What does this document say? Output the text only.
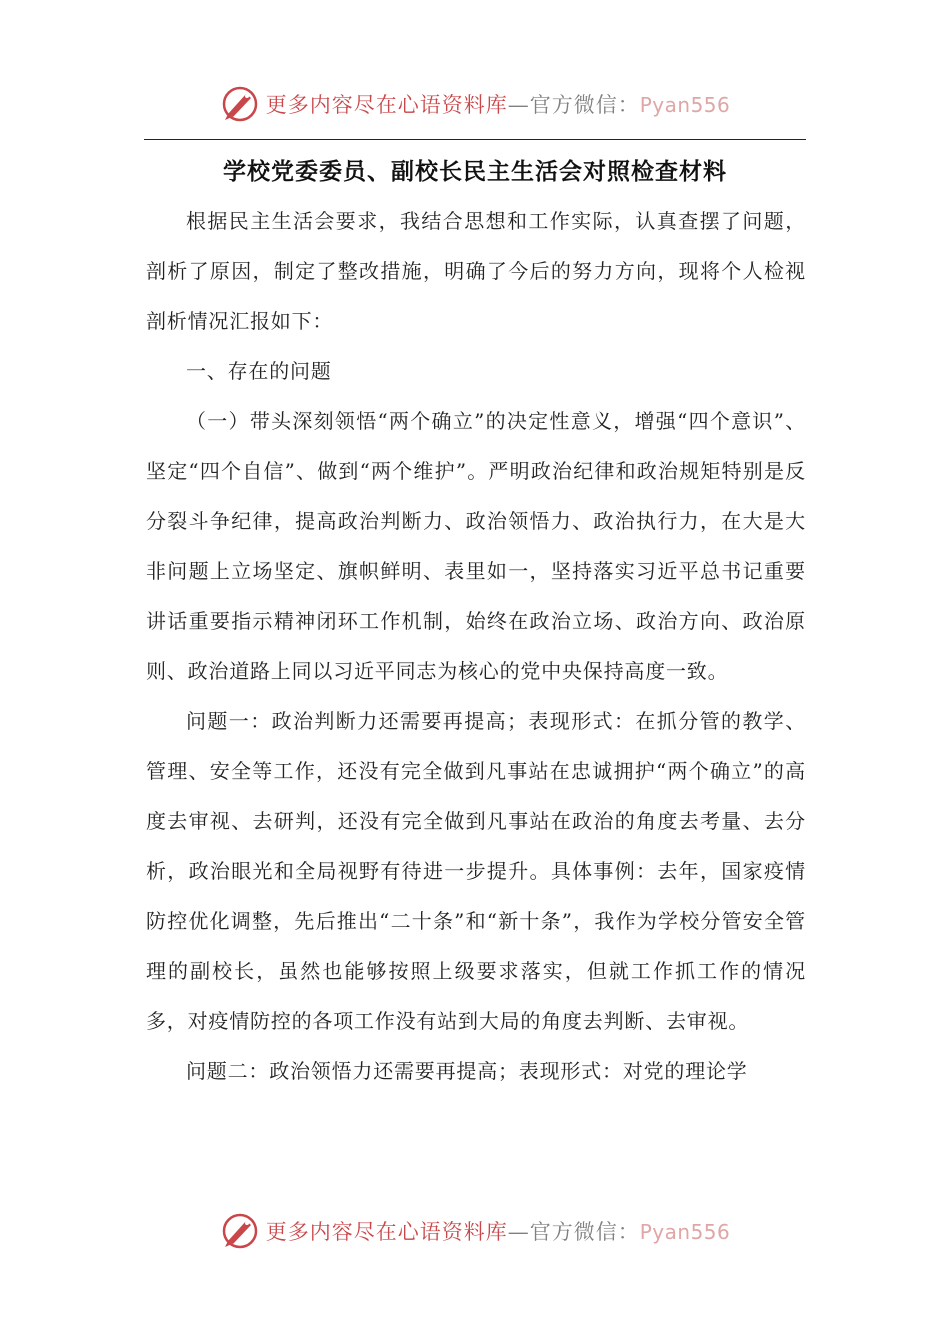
更多内容尽在心语资料库—官方微信：Pyan556
学校党委委员、副校长民主生活会对照检查材料

根据民主生活会要求，我结合思想和工作实际，认真查摆了问题，剖析了原因，制定了整改措施，明确了今后的努力方向，现将个人检视剖析情况汇报如下：

一、存在的问题

（一）带头深刻领悟“两个确立”的决定性意义，增强“四个意识”、坚定“四个自信”、做到“两个维护”。严明政治纪律和政治规矩特别是反分裂斗争纪律，提高政治判断力、政治领悟力、政治执行力，在大是大非问题上立场坚定、旗帜鲜明、表里如一，坚持落实习近平总书记重要讲话重要指示精神闭环工作机制，始终在政治立场、政治方向、政治原则、政治道路上同以习近平同志为核心的党中央保持高度一致。

问题一：政治判断力还需要再提高；表现形式：在抓分管的教学、管理、安全等工作，还没有完全做到凡事站在忠诚拥护“两个确立”的高度去审视、去研判，还没有完全做到凡事站在政治的角度去考量、去分析，政治眼光和全局视野有待进一步提升。具体事例：去年，国家疫情防控优化调整，先后推出“二十条”和“新十条”，我作为学校分管安全管理的副校长，虽然也能够按照上级要求落实，但就工作抓工作的情况多，对疫情防控的各项工作没有站到大局的角度去判断、去审视。

问题二：政治领悟力还需要再提高；表现形式：对党的理论学

更多内容尽在心语资料库—官方微信：Pyan556
